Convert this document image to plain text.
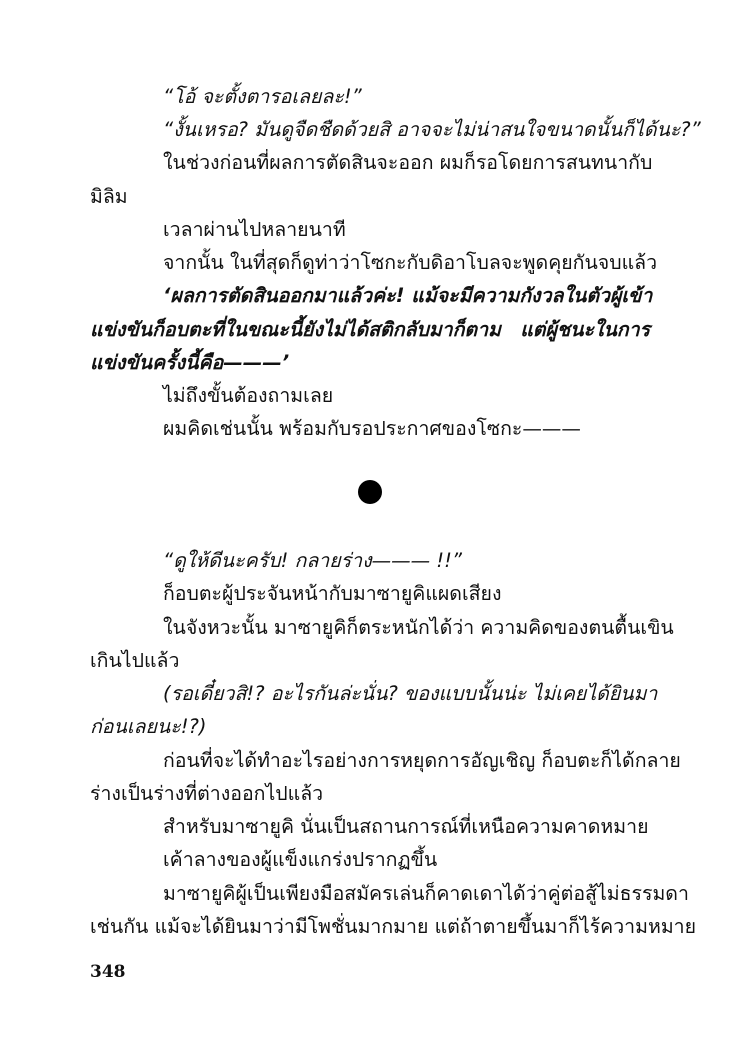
“โอ้ จะตั้งตารอเลยละ!”
“งั้นเหรอ? มันดูจืดชืดด้วยสิ อาจจะไม่น่าสนใจขนาดนั้นก็ได้นะ?”
ในช่วงก่อนที่ผลการตัดสินจะออก ผมก็รอโดยการสนทนากับ
มิลิม
เวลาผ่านไปหลายนาที
จากนั้น ในที่สุดก็ดูท่าว่าโซกะกับดิอาโบลจะพูดคุยกันจบแล้ว
‘ผลการตัดสินออกมาแล้วค่ะ! แม้จะมีความกังวลในตัวผู้เข้า
แข่งขันก็อบตะที่ในขณะนี้ยังไม่ได้สติกลับมาก็ตาม แต่ผู้ชนะในการ
แข่งขันครั้งนี้คือ———’
ไม่ถึงขั้นต้องถามเลย
ผมคิดเช่นนั้น พร้อมกับรอประกาศของโซกะ———
“ดูให้ดีนะครับ! กลายร่าง——— !!”
ก็อบตะผู้ประจันหน้ากับมาซายูคิแผดเสียง
ในจังหวะนั้น มาซายูคิก็ตระหนักได้ว่า ความคิดของตนตื้นเขิน
เกินไปแล้ว
(รอเดี๋ยวสิ!? อะไรกันล่ะนั่น? ของแบบนั้นน่ะ ไม่เคยได้ยินมา
ก่อนเลยนะ!?)
ก่อนที่จะได้ทำอะไรอย่างการหยุดการอัญเชิญ ก็อบตะก็ได้กลาย
ร่างเป็นร่างที่ต่างออกไปแล้ว
สำหรับมาซายูคิ นั่นเป็นสถานการณ์ที่เหนือความคาดหมาย
เค้าลางของผู้แข็งแกร่งปรากฏขึ้น
มาซายูคิผู้เป็นเพียงมือสมัครเล่นก็คาดเดาได้ว่าคู่ต่อสู้ไม่ธรรมดา
เช่นกัน แม้จะได้ยินมาว่ามีโพชั่นมากมาย แต่ถ้าตายขึ้นมาก็ไร้ความหมาย
348
